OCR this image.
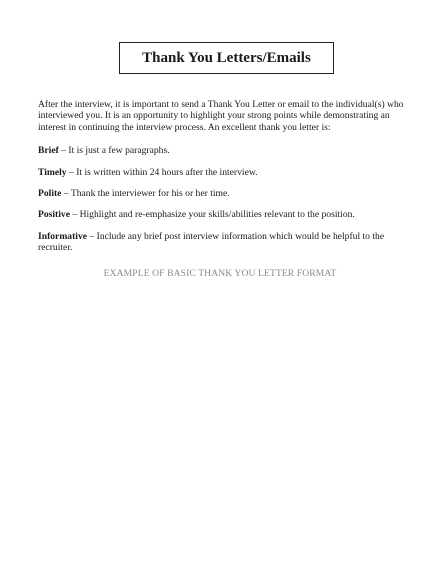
Thank You Letters/Emails

After the interview, it is important to send a Thank You Letter or email to the individual(s) who interviewed you. It is an opportunity to highlight your strong points while demonstrating an interest in continuing the interview process. An excellent thank you letter is:

Brief – It is just a few paragraphs.
Timely – It is written within 24 hours after the interview.
Polite – Thank the interviewer for his or her time.
Positive – Highlight and re-emphasize your skills/abilities relevant to the position.
Informative – Include any brief post interview information which would be helpful to the recruiter.
EXAMPLE OF BASIC THANK YOU LETTER FORMAT
